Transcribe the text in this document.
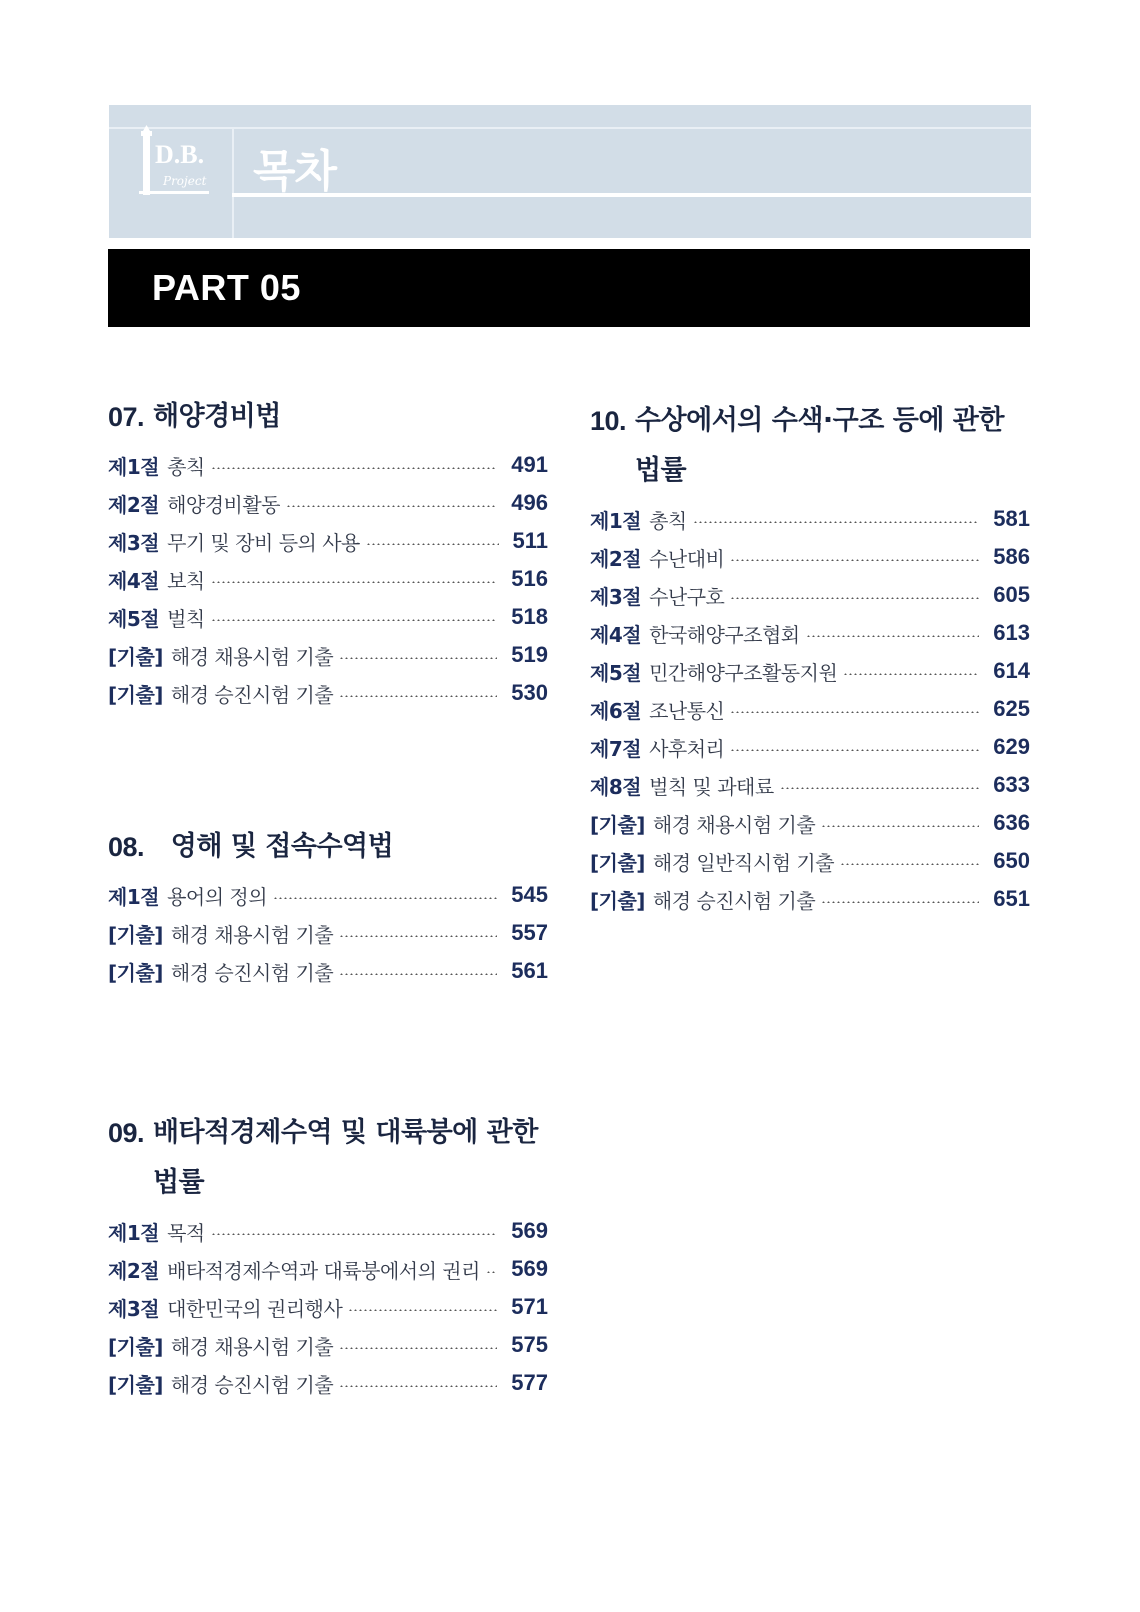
D.B.
Project 목차
PART 05
07.
해양경비법
제1절 총칙	491
제2절 해양경비활동	496
제3절 무기 및 장비 등의 사용	511
제4절 보칙	516
제5절 벌칙	518
[기출] 해경 채용시험 기출	519
[기출] 해경 승진시험 기출	530
08.
영해 및 접속수역법
제1절 용어의 정의	545
[기출] 해경 채용시험 기출	557
[기출] 해경 승진시험 기출	561
09.
배타적경제수역 및 대륙붕에 관한 법률
제1절 목적	569
제2절 배타적경제수역과 대륙붕에서의 권리 569
제3절 대한민국의 권리행사	571
[기출] 해경 채용시험 기출	575
[기출] 해경 승진시험 기출	577
10.
수상에서의 수색·구조 등에 관한 법률
제1절 총칙	581
제2절 수난대비	586
제3절 수난구호	605
제4절 한국해양구조협회	613
제5절 민간해양구조활동지원	614
제6절 조난통신	625
제7절 사후처리	629
제8절 벌칙 및 과태료	633
[기출] 해경 채용시험 기출	636
[기출] 해경 일반직시험 기출	650
[기출] 해경 승진시험 기출	651
